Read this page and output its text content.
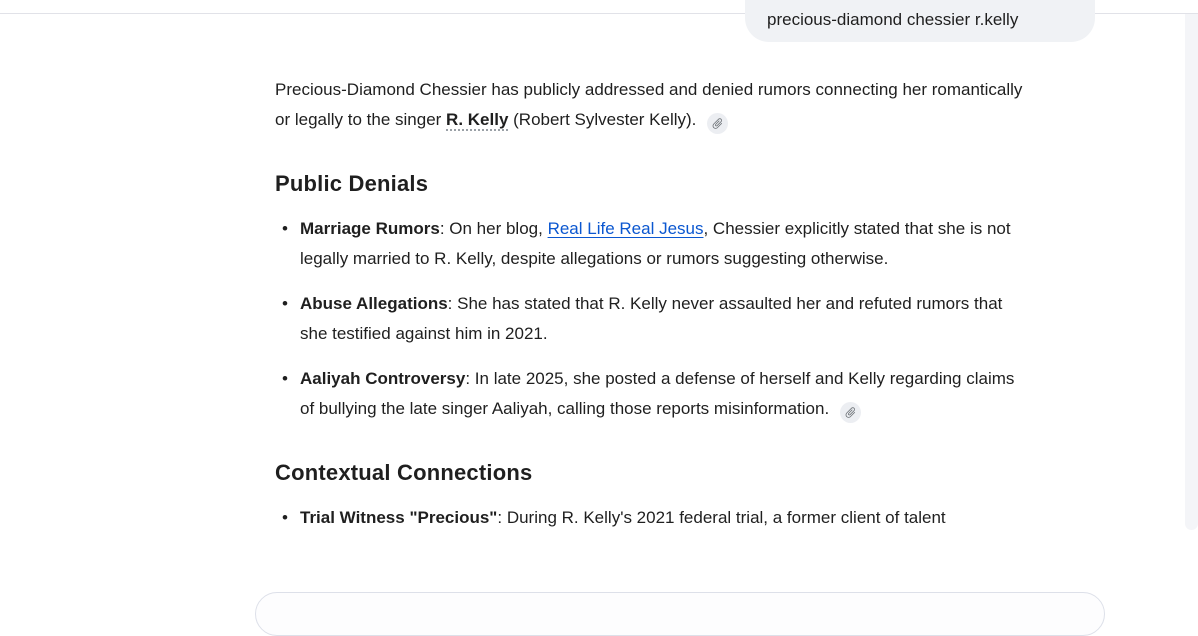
precious-diamond chessier r.kelly

Precious-Diamond Chessier has publicly addressed and denied rumors connecting her romantically or legally to the singer R. Kelly (Robert Sylvester Kelly).

Public Denials
• Marriage Rumors: On her blog, Real Life Real Jesus, Chessier explicitly stated that she is not legally married to R. Kelly, despite allegations or rumors suggesting otherwise.
• Abuse Allegations: She has stated that R. Kelly never assaulted her and refuted rumors that she testified against him in 2021.
• Aaliyah Controversy: In late 2025, she posted a defense of herself and Kelly regarding claims of bullying the late singer Aaliyah, calling those reports misinformation.
Contextual Connections
• Trial Witness "Precious": During R. Kelly's 2021 federal trial, a former client of talent
